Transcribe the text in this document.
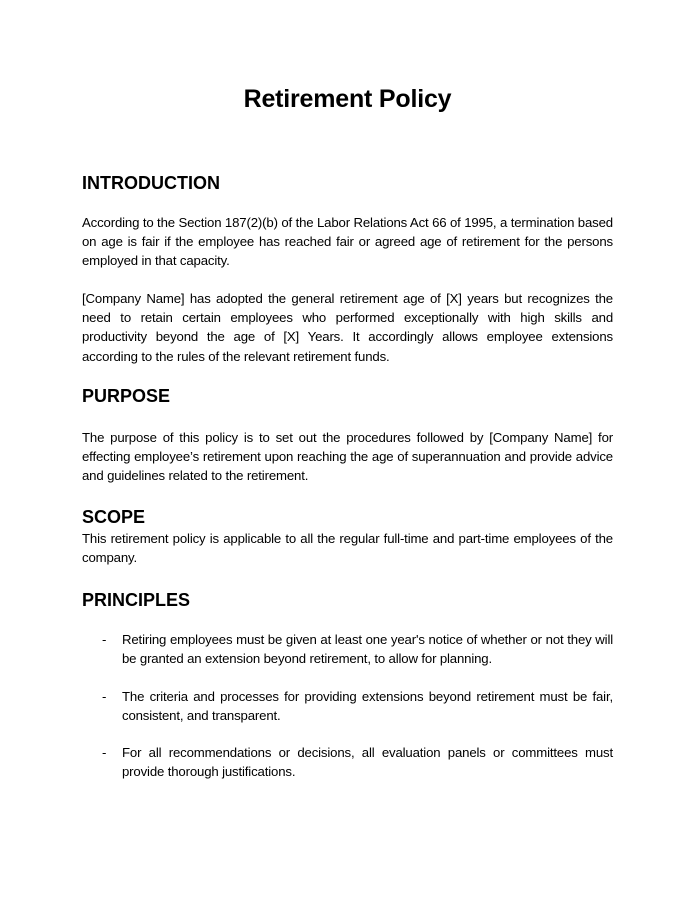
Retirement Policy
INTRODUCTION

According to the Section 187(2)(b) of the Labor Relations Act 66 of 1995, a termination based on age is fair if the employee has reached fair or agreed age of retirement for the persons employed in that capacity.

[Company Name] has adopted the general retirement age of [X] years but recognizes the need to retain certain employees who performed exceptionally with high skills and productivity beyond the age of [X] Years. It accordingly allows employee extensions according to the rules of the relevant retirement funds.

PURPOSE

The purpose of this policy is to set out the procedures followed by [Company Name] for effecting employee’s retirement upon reaching the age of superannuation and provide advice and guidelines related to the retirement.

SCOPE

This retirement policy is applicable to all the regular full-time and part-time employees of the company.

PRINCIPLES
- Retiring employees must be given at least one year's notice of whether or not they will be granted an extension beyond retirement, to allow for planning.

- The criteria and processes for providing extensions beyond retirement must be fair, consistent, and transparent.

- For all recommendations or decisions, all evaluation panels or committees must provide thorough justifications.
